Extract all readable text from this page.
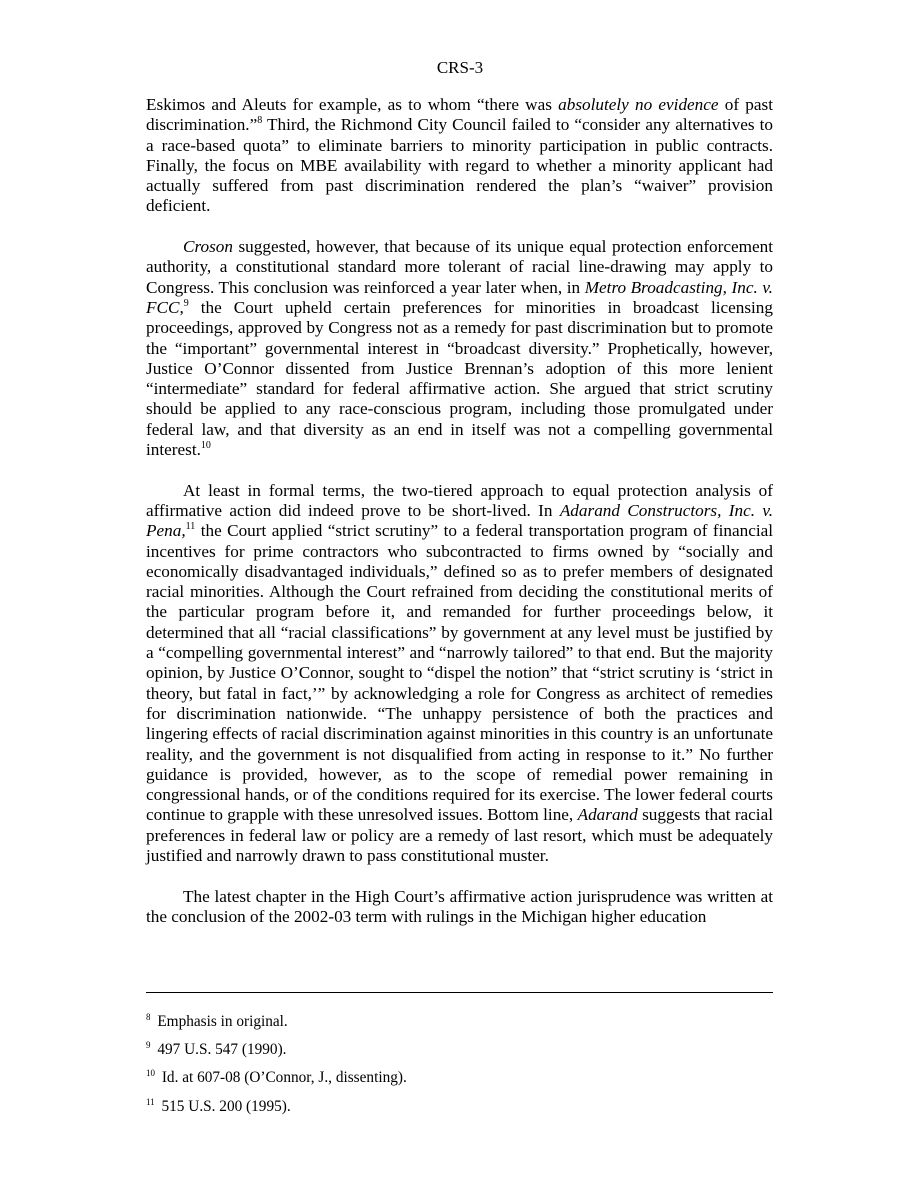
CRS-3

Eskimos and Aleuts for example, as to whom “there was absolutely no evidence of past discrimination.”$^8$ Third, the Richmond City Council failed to “consider any alternatives to a race-based quota” to eliminate barriers to minority participation in public contracts. Finally, the focus on MBE availability with regard to whether a minority applicant had actually suffered from past discrimination rendered the plan’s “waiver” provision deficient.

Croson suggested, however, that because of its unique equal protection enforcement authority, a constitutional standard more tolerant of racial line-drawing may apply to Congress. This conclusion was reinforced a year later when, in Metro Broadcasting, Inc. v. FCC,$^9$ the Court upheld certain preferences for minorities in broadcast licensing proceedings, approved by Congress not as a remedy for past discrimination but to promote the “important” governmental interest in “broadcast diversity.” Prophetically, however, Justice O’Connor dissented from Justice Brennan’s adoption of this more lenient “intermediate” standard for federal affirmative action. She argued that strict scrutiny should be applied to any race-conscious program, including those promulgated under federal law, and that diversity as an end in itself was not a compelling governmental interest.$^{10}$

At least in formal terms, the two-tiered approach to equal protection analysis of affirmative action did indeed prove to be short-lived. In Adarand Constructors, Inc. v. Pena,$^{11}$ the Court applied “strict scrutiny” to a federal transportation program of financial incentives for prime contractors who subcontracted to firms owned by “socially and economically disadvantaged individuals,” defined so as to prefer members of designated racial minorities. Although the Court refrained from deciding the constitutional merits of the particular program before it, and remanded for further proceedings below, it determined that all “racial classifications” by government at any level must be justified by a “compelling governmental interest” and “narrowly tailored” to that end. But the majority opinion, by Justice O’Connor, sought to “dispel the notion” that “strict scrutiny is ‘strict in theory, but fatal in fact,’” by acknowledging a role for Congress as architect of remedies for discrimination nationwide. “The unhappy persistence of both the practices and lingering effects of racial discrimination against minorities in this country is an unfortunate reality, and the government is not disqualified from acting in response to it.” No further guidance is provided, however, as to the scope of remedial power remaining in congressional hands, or of the conditions required for its exercise. The lower federal courts continue to grapple with these unresolved issues. Bottom line, Adarand suggests that racial preferences in federal law or policy are a remedy of last resort, which must be adequately justified and narrowly drawn to pass constitutional muster.

The latest chapter in the High Court’s affirmative action jurisprudence was written at the conclusion of the 2002-03 term with rulings in the Michigan higher education

$^8$ Emphasis in original.
$^9$ 497 U.S. 547 (1990).
$^{10}$ Id. at 607-08 (O’Connor, J., dissenting).
$^{11}$ 515 U.S. 200 (1995).
